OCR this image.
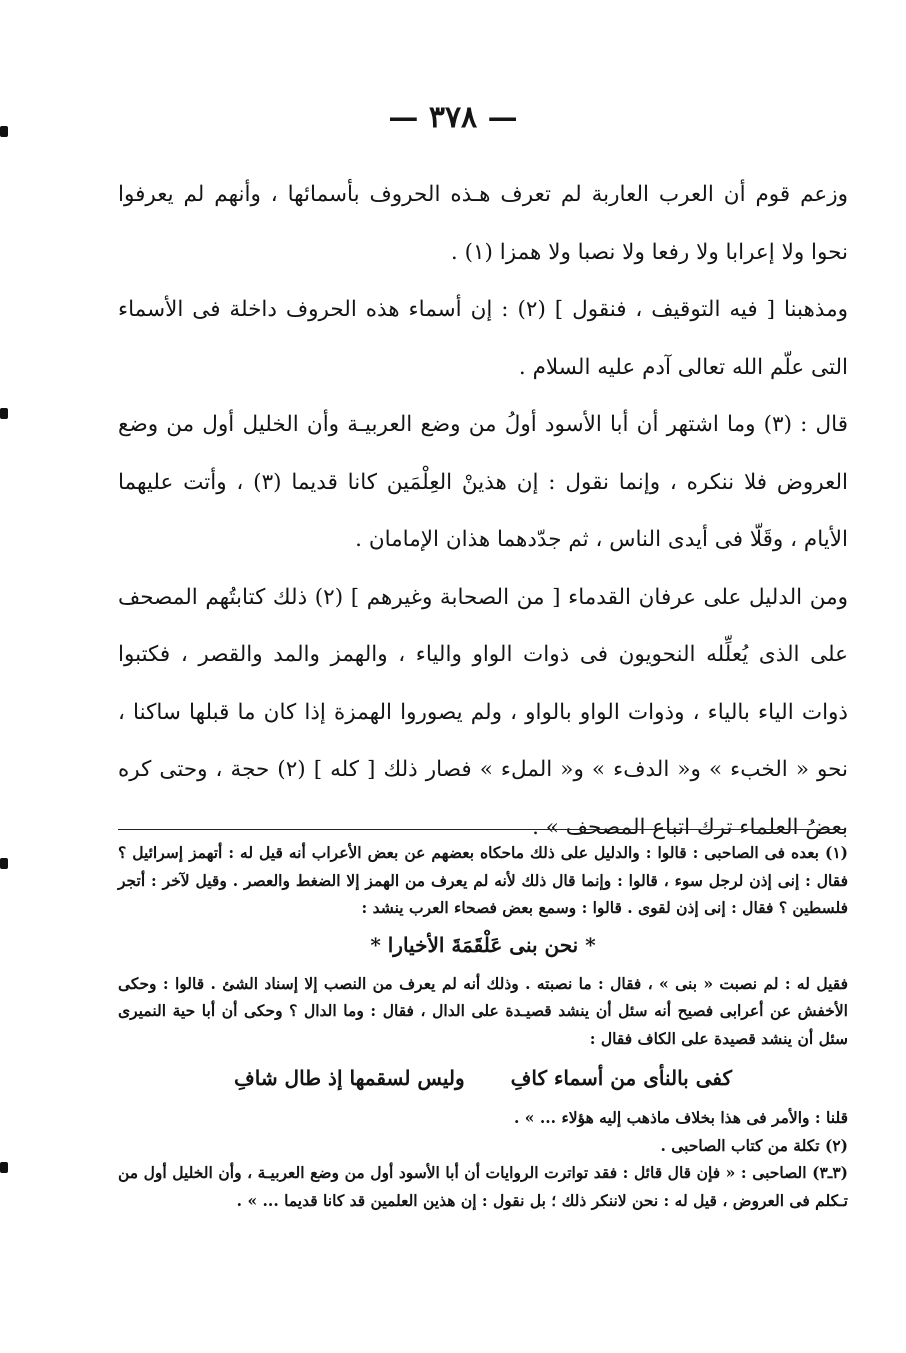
— ٣٧٨ —

وزعم قوم أن العرب العاربة لم تعرف هـذه الحروف بأسمائها ، وأنهم لم يعرفوا نحوا ولا إعرابا ولا رفعا ولا نصبا ولا همزا (١) .

ومذهبنا [ فيه التوقيف ، فنقول ] (٢) : إن أسماء هذه الحروف داخلة فى الأسماء التى علّم الله تعالى آدم عليه السلام .

قال : (٣) وما اشتهر أن أبا الأسود أولُ من وضع العربيـة وأن الخليل أول من وضع العروض فلا ننكره ، وإنما نقول : إن هذينْ العِلْمَين كانا قديما (٣) ، وأتت عليهما الأيام ، وقَلّا فى أيدى الناس ، ثم جدّدهما هذان الإمامان .

ومن الدليل على عرفان القدماء [ من الصحابة وغيرهم ] (٢) ذلك كتابتُهم المصحف على الذى يُعلِّله النحويون فى ذوات الواو والياء ، والهمز والمد والقصر ، فكتبوا ذوات الياء بالياء ، وذوات الواو بالواو ، ولم يصوروا الهمزة إذا كان ما قبلها ساكنا ، نحو « الخبء » و« الدفء » و« الملء » فصار ذلك [ كله ] (٢) حجة ، وحتى كره بعضُ العلماء ترك اتباع المصحف » .

(١) بعده فى الصاحبى : قالوا : والدليل على ذلك ماحكاه بعضهم عن بعض الأعراب أنه قيل له : أتهمز إسرائيل ؟ فقال : إنى إذن لرجل سوء ، قالوا : وإنما قال ذلك لأنه لم يعرف من الهمز إلا الضغط والعصر . وقيل لآخر : أتجر فلسطين ؟ فقال : إنى إذن لقوى . قالوا : وسمع بعض فصحاء العرب ينشد :

* نحن بنى عَلْقَمَةَ الأخيارا *

فقيل له : لم نصبت « بنى » ، فقال : ما نصبته . وذلك أنه لم يعرف من النصب إلا إسناد الشئ . قالوا : وحكى الأخفش عن أعرابى فصيح أنه سئل أن ينشد قصيـدة على الدال ، فقال : وما الدال ؟ وحكى أن أبا حية النميرى سئل أن ينشد قصيدة على الكاف فقال :

كفى بالنأى من أسماء كافِ
وليس لسقمها إذ طال شافِ

قلنا : والأمر فى هذا بخلاف ماذهب إليه هؤلاء ... » .

(٢) تكلة من كتاب الصاحبى .

(٣ـ٣) الصاحبى : « فإن قال قائل : فقد تواترت الروايات أن أبا الأسود أول من وضع العربيـة ، وأن الخليل أول من تـكلم فى العروض ، قيل له : نحن لاننكر ذلك ؛ بل نقول : إن هذين العلمين قد كانا قديما ... » .
